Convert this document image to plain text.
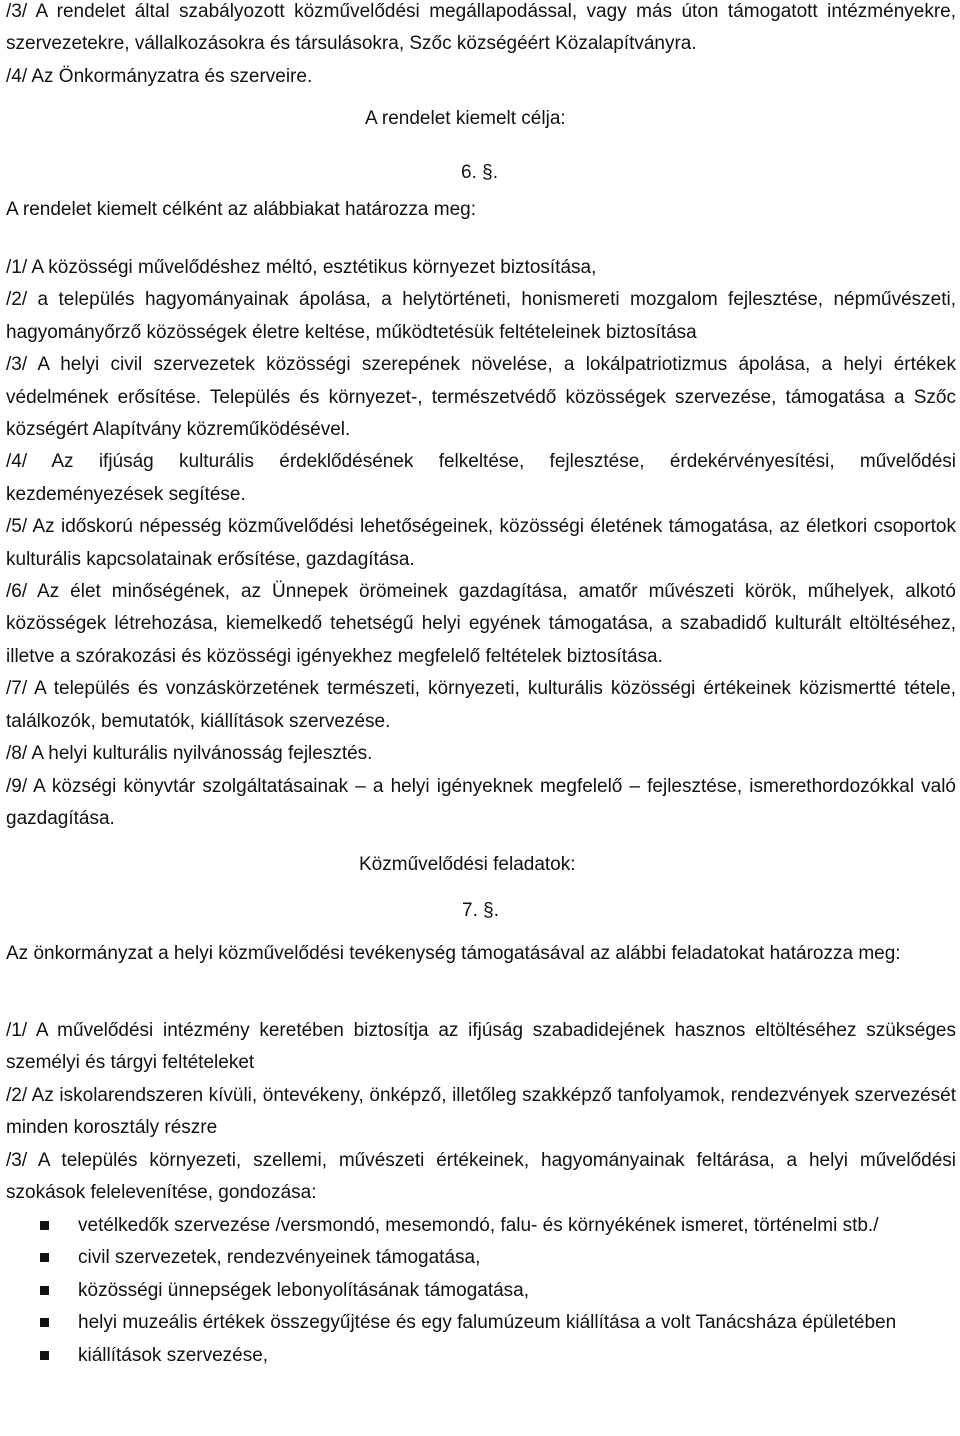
/3/ A rendelet által szabályozott közművelődési megállapodással, vagy más úton támogatott intézményekre, szervezetekre, vállalkozásokra és társulásokra, Szőc községéért Közalapítványra.

/4/ Az Önkormányzatra és szerveire.

A rendelet kiemelt célja:
6. §.
A rendelet kiemelt célként az alábbiakat határozza meg:

/1/ A közösségi művelődéshez méltó, esztétikus környezet biztosítása,

/2/ a település hagyományainak ápolása, a helytörténeti, honismereti mozgalom fejlesztése, népművészeti, hagyományőrző közösségek életre keltése, működtetésük feltételeinek biztosítása

/3/ A helyi civil szervezetek közösségi szerepének növelése, a lokálpatriotizmus ápolása, a helyi értékek védelmének erősítése. Település és környezet-, természetvédő közösségek szervezése, támogatása a Szőc községért Alapítvány közreműködésével.

/4/ Az ifjúság kulturális érdeklődésének felkeltése, fejlesztése, érdekérvényesítési, művelődési kezdeményezések segítése.

/5/ Az időskorú népesség közművelődési lehetőségeinek, közösségi életének támogatása, az életkori csoportok kulturális kapcsolatainak erősítése, gazdagítása.

/6/ Az élet minőségének, az Ünnepek örömeinek gazdagítása, amatőr művészeti körök, műhelyek, alkotó közösségek létrehozása, kiemelkedő tehetségű helyi egyének támogatása, a szabadidő kulturált eltöltéséhez, illetve a szórakozási és közösségi igényekhez megfelelő feltételek biztosítása.

/7/ A település és vonzáskörzetének természeti, környezeti, kulturális közösségi értékeinek közismertté tétele, találkozók, bemutatók, kiállítások szervezése.

/8/ A helyi kulturális nyilvánosság fejlesztés.

/9/ A községi könyvtár szolgáltatásainak – a helyi igényeknek megfelelő – fejlesztése, ismerethordozókkal való gazdagítása.

Közművelődési feladatok:
7. §.

Az önkormányzat a helyi közművelődési tevékenység támogatásával az alábbi feladatokat határozza meg:

/1/ A művelődési intézmény keretében biztosítja az ifjúság szabadidejének hasznos eltöltéséhez szükséges személyi és tárgyi feltételeket

/2/ Az iskolarendszeren kívüli, öntevékeny, önképző, illetőleg szakképző tanfolyamok, rendezvények szervezését minden korosztály részre

/3/ A település környezeti, szellemi, művészeti értékeinek, hagyományainak feltárása, a helyi művelődési szokások felelevenítése, gondozása:

vetélkedők szervezése /versmondó, mesemondó, falu- és környékének ismeret, történelmi stb./
civil szervezetek, rendezvényeinek támogatása,
közösségi ünnepségek lebonyolításának támogatása,
helyi muzeális értékek összegyűjtése és egy falumúzeum kiállítása a volt Tanácsháza épületében
kiállítások szervezése,
